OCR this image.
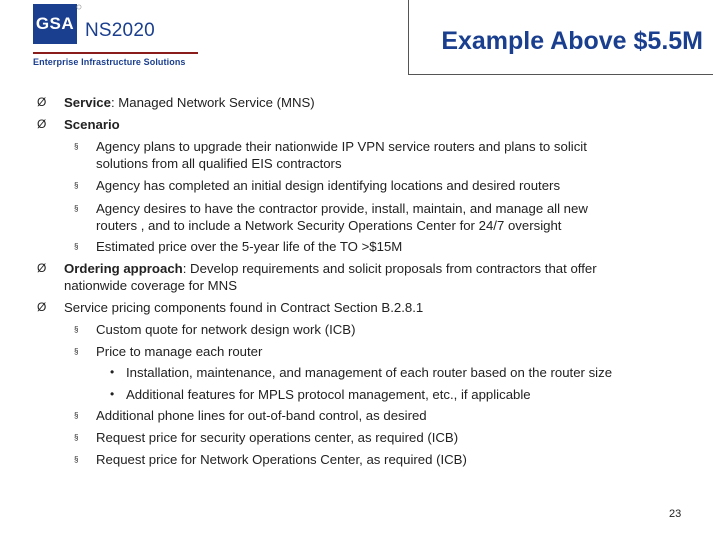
GSA NS2020
Enterprise Infrastructure Solutions
Example Above $5.5M
Ø Service: Managed Network Service (MNS)
Ø Scenario
§ Agency plans to upgrade their nationwide IP VPN service routers and plans to solicit
solutions from all qualified EIS contractors
§ Agency has completed an initial design identifying locations and desired routers
§ Agency desires to have the contractor provide, install, maintain, and manage all new
routers , and to include a Network Security Operations Center for 24/7 oversight
§ Estimated price over the 5-year life of the TO >$15M
Ø Ordering approach: Develop requirements and solicit proposals from contractors that offer
nationwide coverage for MNS
Ø Service pricing components found in Contract Section B.2.8.1
§ Custom quote for network design work (ICB)
§ Price to manage each router
• Installation, maintenance, and management of each router based on the router size
• Additional features for MPLS protocol management, etc., if applicable
§ Additional phone lines for out-of-band control, as desired
§ Request price for security operations center, as required (ICB)
§ Request price for Network Operations Center, as required (ICB)
23
